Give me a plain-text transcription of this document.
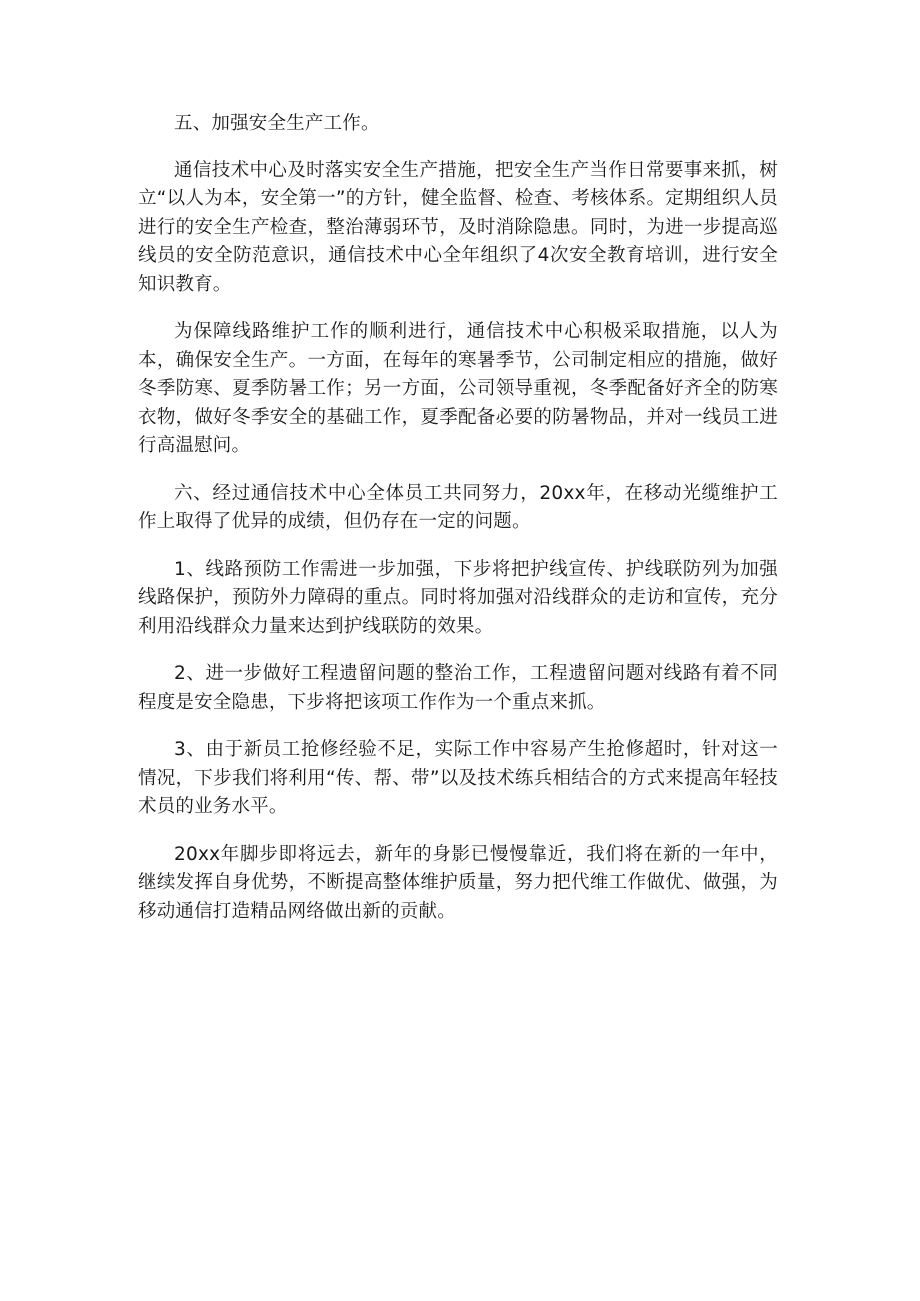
五、加强安全生产工作。

通信技术中心及时落实安全生产措施，把安全生产当作日常要事来抓，树立“以人为本，安全第一”的方针，健全监督、检查、考核体系。定期组织人员进行的安全生产检查，整治薄弱环节，及时消除隐患。同时，为进一步提高巡线员的安全防范意识，通信技术中心全年组织了4次安全教育培训，进行安全知识教育。

为保障线路维护工作的顺利进行，通信技术中心积极采取措施，以人为本，确保安全生产。一方面，在每年的寒暑季节，公司制定相应的措施，做好冬季防寒、夏季防暑工作；另一方面，公司领导重视，冬季配备好齐全的防寒衣物，做好冬季安全的基础工作，夏季配备必要的防暑物品，并对一线员工进行高温慰问。

六、经过通信技术中心全体员工共同努力，20xx年，在移动光缆维护工作上取得了优异的成绩，但仍存在一定的问题。

1、线路预防工作需进一步加强，下步将把护线宣传、护线联防列为加强线路保护，预防外力障碍的重点。同时将加强对沿线群众的走访和宣传，充分利用沿线群众力量来达到护线联防的效果。

2、进一步做好工程遗留问题的整治工作，工程遗留问题对线路有着不同程度是安全隐患，下步将把该项工作作为一个重点来抓。

3、由于新员工抢修经验不足，实际工作中容易产生抢修超时，针对这一情况，下步我们将利用“传、帮、带”以及技术练兵相结合的方式来提高年轻技术员的业务水平。

20xx年脚步即将远去，新年的身影已慢慢靠近，我们将在新的一年中，继续发挥自身优势，不断提高整体维护质量，努力把代维工作做优、做强，为移动通信打造精品网络做出新的贡献。
